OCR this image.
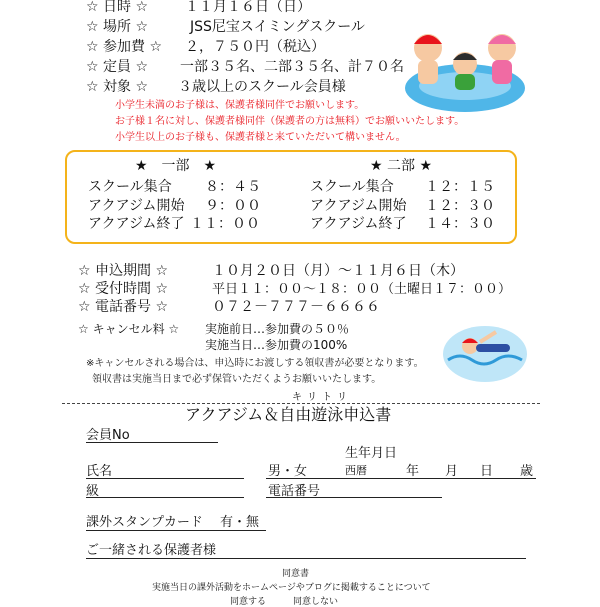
☆ 日時 ☆	１１月１６日（日）
☆ 場所 ☆	JSS尼宝スイミングスクール
☆ 参加費 ☆ ２，７５０円（税込）
☆ 定員 ☆ 一部３５名、二部３５名、計７０名
☆ 対象 ☆ ３歳以上のスクール会員様
小学生未満のお子様は、保護者様同伴でお願いします。
お子様１名に対し、保護者様同伴（保護者の方は無料）でお願いいたします。
小学生以上のお子様も、保護者様と来ていただいて構いません。
★　一部　★
スクール集合 ８：４５
アクアジム開始 ９：００
アクアジム終了 １１：００
★ 二部 ★
スクール集合 １２：１５
アクアジム開始 １２：３０
アクアジム終了 １４：３０
☆ 申込期間 ☆	１０月２０日（月）～１１月６日（木）
☆ 受付時間 ☆	平日１１：００～１８：００（土曜日１７：００）
☆ 電話番号 ☆	０７２－７７７－６６６６
☆ キャンセル料 ☆ 実施前日…参加費の５０％
実施当日…参加費の100%
※キャンセルされる場合は、申込時にお渡しする領収書が必要となります。
領収書は実施当日まで必ず保管いただくようお願いいたします。
キリトリ
アクアジム＆自由遊泳申込書
会員No
生年月日
氏名	男・女	西暦	年 月 日 歳
級	電話番号
課外スタンプカード　 有・無
ご一緒される保護者様
同意書
実施当日の課外活動をホームページやブログに掲載することについて
同意する　　　同意しない
